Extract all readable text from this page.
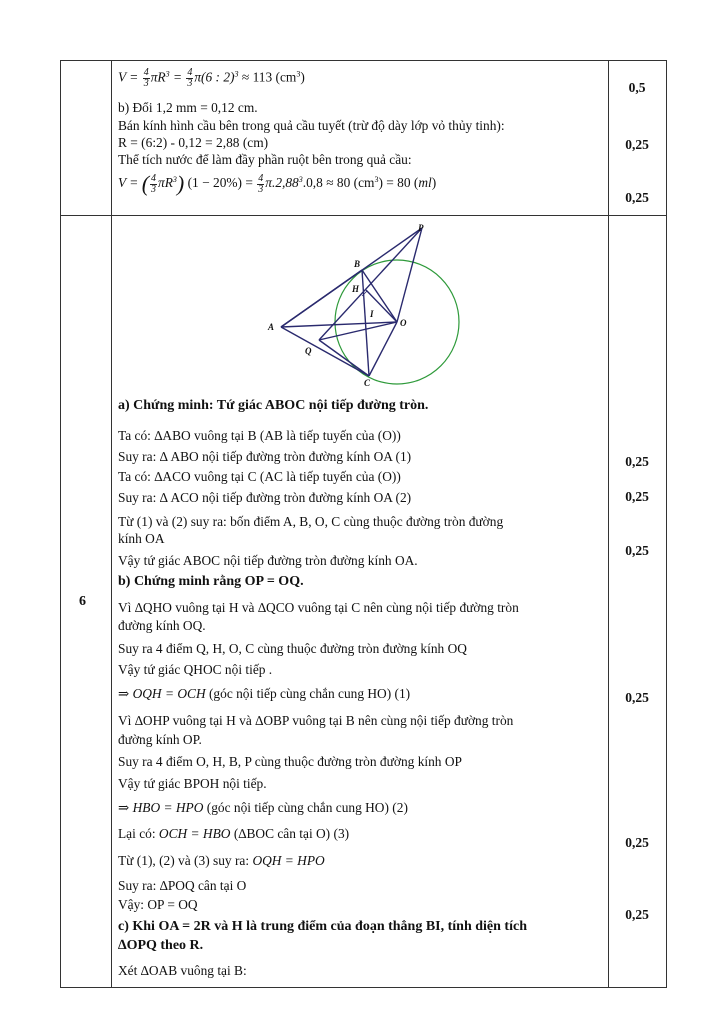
$V = \frac{4}{3} \pi R^3 = \frac{4}{3} \pi(6$ : 2)$^3$ ≈ 113 $(cm^3)$
b) Đổi 1,2 mm = 0,12 cm.
Bán kính hình cầu bên trong quả cầu tuyết (trừ độ dày lớp vỏ thủy tinh):
R = (6:2) - 0,12 = 2,88 (cm)
Thể tích nước để làm đầy phần ruột bên trong quả cầu:
V = ( $\frac{4}{3} \pi R^3$) $(1 - 20\%) = \frac{4}{3} \pi.2,88^3.0,8 \approx 80$ $(cm^3) = 80$ (ml)
0,5
0,25
0,25
6
P
B
H
A
I
O
Q
C
a) Chứng minh: Tứ giác ABOC nội tiếp đường tròn.
Ta có: ∆ABO vuông tại B (AB là tiếp tuyến của (O))
Suy ra: ∆ ABO nội tiếp đường tròn đường kính OA (1)
Ta có: ∆ACO vuông tại C (AC là tiếp tuyến của (O))
Suy ra: ∆ ACO nội tiếp đường tròn đường kính OA (2)
Từ (1) và (2) suy ra: bốn điểm A, B, O, C cùng thuộc đường tròn đường
kính OA
Vậy tứ giác ABOC nội tiếp đường tròn đường kính OA.
b) Chứng minh rằng OP = OQ.
Vì ∆QHO vuông tại H và ∆QCO vuông tại C nên cùng nội tiếp đường tròn
đường kính OQ.
Suy ra 4 điểm Q, H, O, C cùng thuộc đường tròn đường kính OQ
Vậy tứ giác QHOC nội tiếp .
⇒ OQH = OCH (góc nội tiếp cùng chắn cung HO) (1)
Vì ∆OHP vuông tại H và ∆OBP vuông tại B nên cùng nội tiếp đường tròn
đường kính OP.
Suy ra 4 điểm O, H, B, P cùng thuộc đường tròn đường kính OP
Vậy tứ giác BPOH nội tiếp.
⇒ HBO = HPO (góc nội tiếp cùng chắn cung HO) (2)
Lại có: OCH = HBO (∆BOC cân tại O) (3)
Từ (1), (2) và (3) suy ra: OQH = HPO
Suy ra: ∆POQ cân tại O
Vậy: OP = OQ
c) Khi OA = 2R và H là trung điểm của đoạn thẳng BI, tính diện tích
∆OPQ theo R.
Xét ∆OAB vuông tại B:
0,25
0,25
0,25
0,25
0,25
0,25
